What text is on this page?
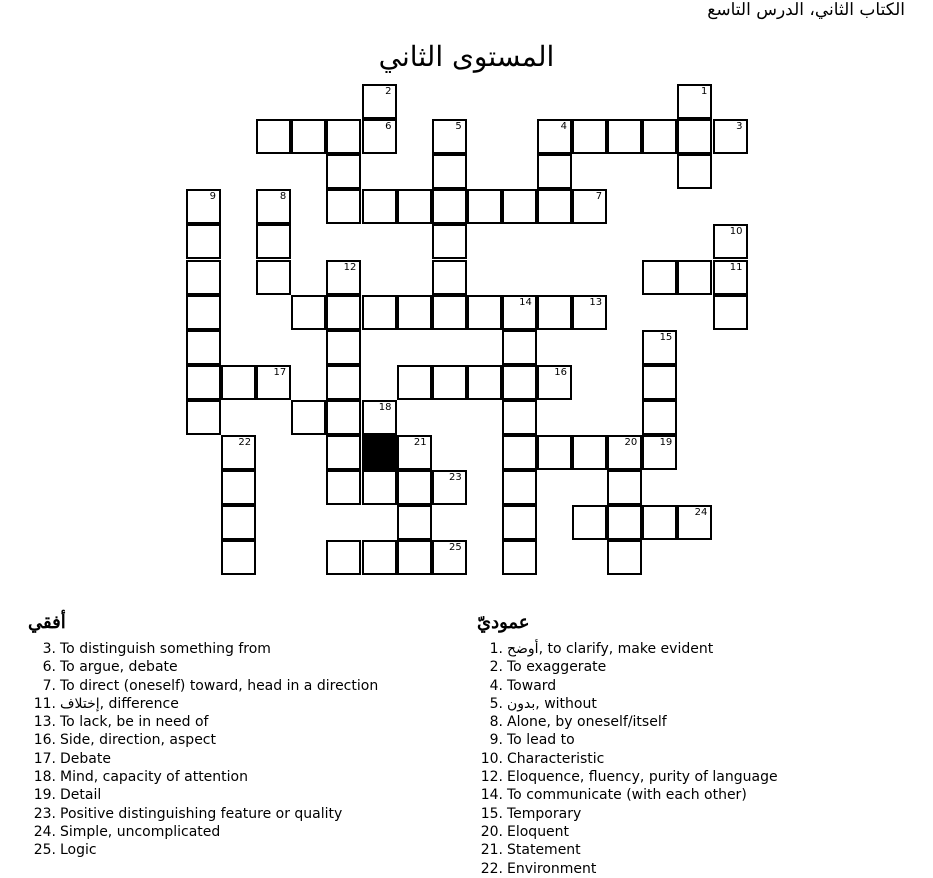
الكتاب الثاني، الدرس التاسع
المستوى الثاني
2	1
6	5	4	3
9	8	7
10
12	11
14	13
15
17	16
18
22	21	20 19
23
24
25
أفقي
3. To distinguish something from
6. To argue, debate
7. To direct (oneself) toward, head in a direction
11. إختلاف, difference
13. To lack, be in need of
16. Side, direction, aspect
17. Debate
18. Mind, capacity of attention
19. Detail
23. Positive distinguishing feature or quality
24. Simple, uncomplicated
25. Logic
عموديّ
1. أوضح, to clarify, make evident
2. To exaggerate
4. Toward
5. بدون, without
8. Alone, by oneself/itself
9. To lead to
10. Characteristic
12. Eloquence, fluency, purity of language
14. To communicate (with each other)
15. Temporary
20. Eloquent
21. Statement
22. Environment
